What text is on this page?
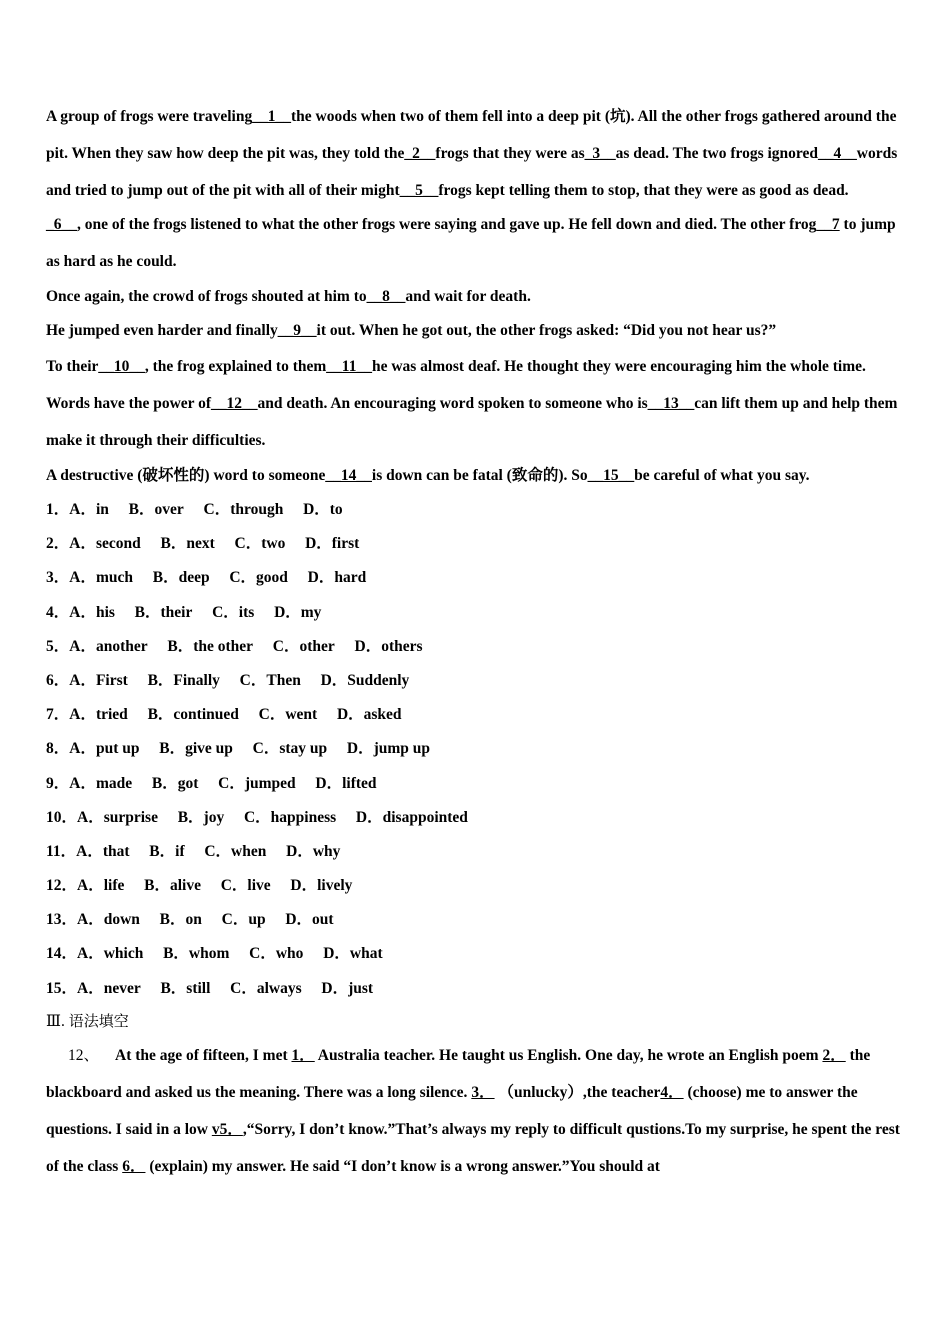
A group of frogs were traveling__1__the woods when two of them fell into a deep pit (坑). All the other frogs gathered around the pit. When they saw how deep the pit was, they told the_2__frogs that they were as_3__as dead. The two frogs ignored__4__words and tried to jump out of the pit with all of their might__5__frogs kept telling them to stop, that they were as good as dead.

_6__, one of the frogs listened to what the other frogs were saying and gave up. He fell down and died. The other frog__7 to jump as hard as he could.

Once again, the crowd of frogs shouted at him to__8__and wait for death.

He jumped even harder and finally__9__it out. When he got out, the other frogs asked: “Did you not hear us?”

To their__10__, the frog explained to them__11__he was almost deaf. He thought they were encouraging him the whole time.

Words have the power of__12__and death. An encouraging word spoken to someone who is__13__can lift them up and help them make it through their difficulties.

A destructive (破坏性的) word to someone__14__is down can be fatal (致命的). So__15__be careful of what you say.

1．A．in B．over C．through D．to
2．A．second B．next C．two D．first
3．A．much B．deep C．good D．hard
4．A．his B．their C．its D．my
5．A．another B．the other C．other D．others
6．A．First B．Finally C．Then D．Suddenly
7．A．tried B．continued C．went D．asked
8．A．put up B．give up C．stay up D．jump up
9．A．made B．got C．jumped D．lifted
10．A．surprise B．joy C．happiness D．disappointed
11．A．that B．if C．when D．why
12．A．life B．alive C．live D．lively
13．A．down B．on C．up D．out
14．A．which B．whom C．who D．what
15．A．never B．still C．always D．just

Ⅲ. 语法填空

12、 At the age of fifteen, I met 1． Australia teacher. He taught us English. One day, he wrote an English poem 2． the blackboard and asked us the meaning. There was a long silence. 3． （unlucky）,the teacher4． (choose) me to answer the questions. I said in a low v5．,“Sorry, I don’t know.”That’s always my reply to difficult qustions.To my surprise, he spent the rest of the class 6． (explain) my answer. He said “I don’t know is a wrong answer.”You should at
